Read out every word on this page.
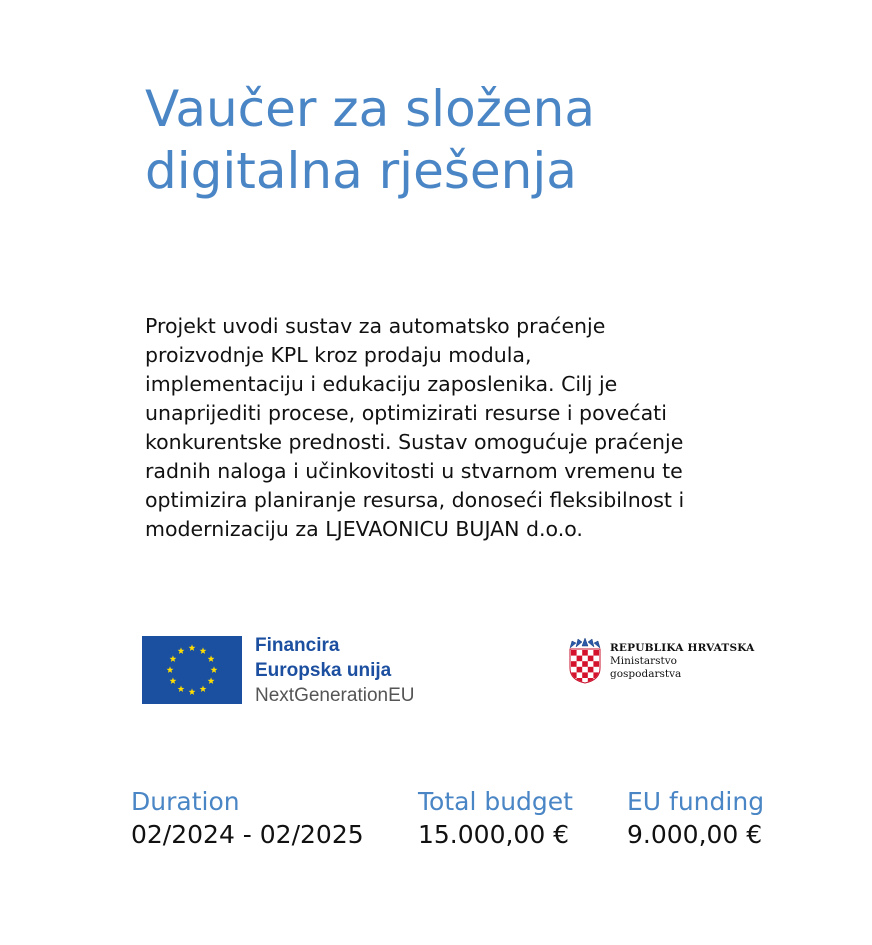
Vaučer za složena
digitalna rješenja
Projekt uvodi sustav za automatsko praćenje
proizvodnje KPL kroz prodaju modula,
implementaciju i edukaciju zaposlenika. Cilj je
unaprijediti procese, optimizirati resurse i povećati
konkurentske prednosti. Sustav omogućuje praćenje
radnih naloga i učinkovitosti u stvarnom vremenu te
optimizira planiranje resursa, donoseći fleksibilnost i
modernizaciju za LJEVAONICU BUJAN d.o.o.
Financira
Europska unija
NextGenerationEU
REPUBLIKA HRVATSKA
Ministarstvo
gospodarstva
Duration
02/2024 - 02/2025
Total budget
15.000,00 €
EU funding
9.000,00 €
